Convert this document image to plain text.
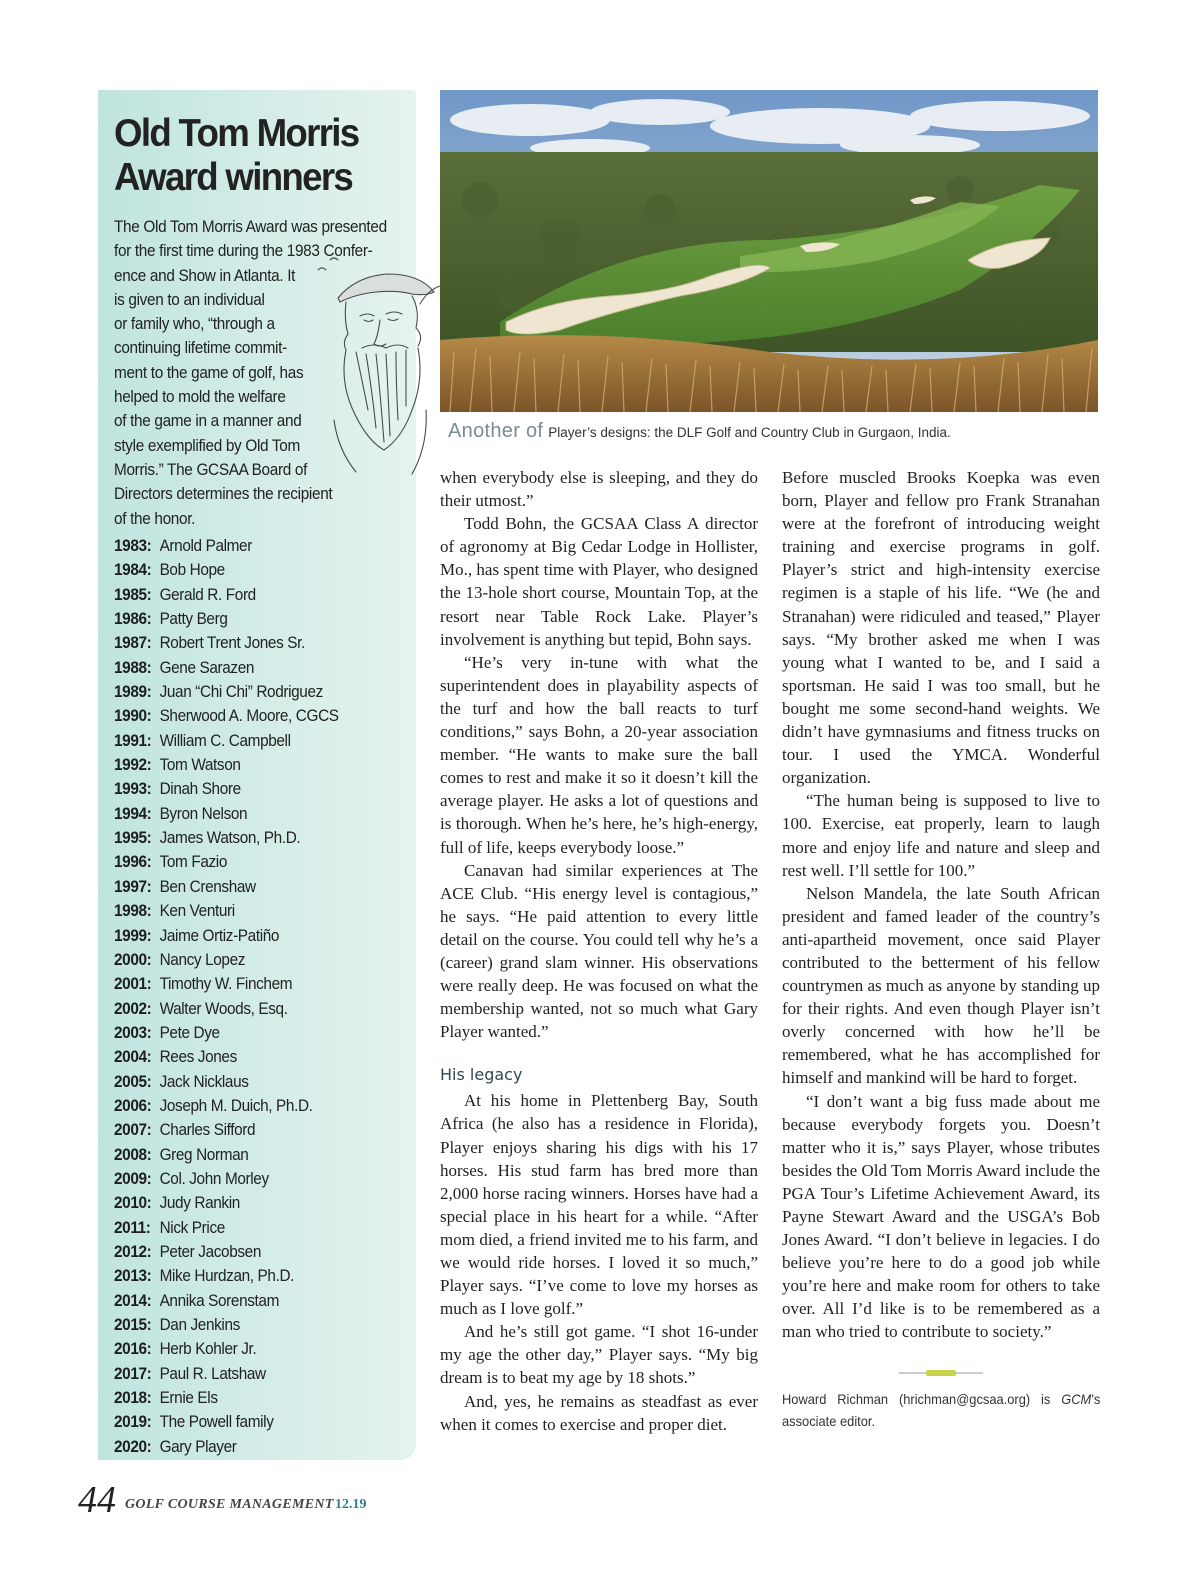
Old Tom Morris
Award winners
The Old Tom Morris Award was presented
for the first time during the 1983 Confer-
ence and Show in Atlanta. It
is given to an individual
or family who, “through a
continuing lifetime commit-
ment to the game of golf, has
helped to mold the welfare
of the game in a manner and
style exemplified by Old Tom
Morris.” The GCSAA Board of
Directors determines the recipient
of the honor.
1983: Arnold Palmer
1984: Bob Hope
1985: Gerald R. Ford
1986: Patty Berg
1987: Robert Trent Jones Sr.
1988: Gene Sarazen
1989: Juan “Chi Chi” Rodriguez
1990: Sherwood A. Moore, CGCS
1991: William C. Campbell
1992: Tom Watson
1993: Dinah Shore
1994: Byron Nelson
1995: James Watson, Ph.D.
1996: Tom Fazio
1997: Ben Crenshaw
1998: Ken Venturi
1999: Jaime Ortiz-Patiño
2000: Nancy Lopez
2001: Timothy W. Finchem
2002: Walter Woods, Esq.
2003: Pete Dye
2004: Rees Jones
2005: Jack Nicklaus
2006: Joseph M. Duich, Ph.D.
2007: Charles Sifford
2008: Greg Norman
2009: Col. John Morley
2010: Judy Rankin
2011: Nick Price
2012: Peter Jacobsen
2013: Mike Hurdzan, Ph.D.
2014: Annika Sorenstam
2015: Dan Jenkins
2016: Herb Kohler Jr.
2017: Paul R. Latshaw
2018: Ernie Els
2019: The Powell family
2020: Gary Player
Another of Player’s designs: the DLF Golf and Country Club in Gurgaon, India.

when everybody else is sleeping, and they do their utmost.”

Todd Bohn, the GCSAA Class A director of agronomy at Big Cedar Lodge in Hollister, Mo., has spent time with Player, who designed the 13-hole short course, Mountain Top, at the resort near Table Rock Lake. Player’s involvement is anything but tepid, Bohn says.

“He’s very in-tune with what the superintendent does in playability aspects of the turf and how the ball reacts to turf conditions,” says Bohn, a 20-year association member. “He wants to make sure the ball comes to rest and make it so it doesn’t kill the average player. He asks a lot of questions and is thorough. When he’s here, he’s high-energy, full of life, keeps everybody loose.”

Canavan had similar experiences at The ACE Club. “His energy level is contagious,” he says. “He paid attention to every little detail on the course. You could tell why he’s a (career) grand slam winner. His observations were really deep. He was focused on what the membership wanted, not so much what Gary Player wanted.”

His legacy

At his home in Plettenberg Bay, South Africa (he also has a residence in Florida), Player enjoys sharing his digs with his 17 horses. His stud farm has bred more than 2,000 horse racing winners. Horses have had a special place in his heart for a while. “After mom died, a friend invited me to his farm, and we would ride horses. I loved it so much,” Player says. “I’ve come to love my horses as much as I love golf.”

And he’s still got game. “I shot 16-under my age the other day,” Player says. “My big dream is to beat my age by 18 shots.”

And, yes, he remains as steadfast as ever when it comes to exercise and proper diet.

Before muscled Brooks Koepka was even born, Player and fellow pro Frank Stranahan were at the forefront of introducing weight training and exercise programs in golf. Player’s strict and high-intensity exercise regimen is a staple of his life. “We (he and Stranahan) were ridiculed and teased,” Player says. “My brother asked me when I was young what I wanted to be, and I said a sportsman. He said I was too small, but he bought me some second-hand weights. We didn’t have gymnasiums and fitness trucks on tour. I used the YMCA. Wonderful organization.

“The human being is supposed to live to 100. Exercise, eat properly, learn to laugh more and enjoy life and nature and sleep and rest well. I’ll settle for 100.”

Nelson Mandela, the late South African president and famed leader of the country’s anti-apartheid movement, once said Player contributed to the betterment of his fellow countrymen as much as anyone by standing up for their rights. And even though Player isn’t overly concerned with how he’ll be remembered, what he has accomplished for himself and mankind will be hard to forget.

“I don’t want a big fuss made about me because everybody forgets you. Doesn’t matter who it is,” says Player, whose tributes besides the Old Tom Morris Award include the PGA Tour’s Lifetime Achievement Award, its Payne Stewart Award and the USGA’s Bob Jones Award. “I don’t believe in legacies. I do believe you’re here to do a good job while you’re here and make room for others to take over. All I’d like is to be remembered as a man who tried to contribute to society.”

Howard Richman (hrichman@gcsaa.org) is GCM’s associate editor.
44 GOLF COURSE MANAGEMENT 12.19
